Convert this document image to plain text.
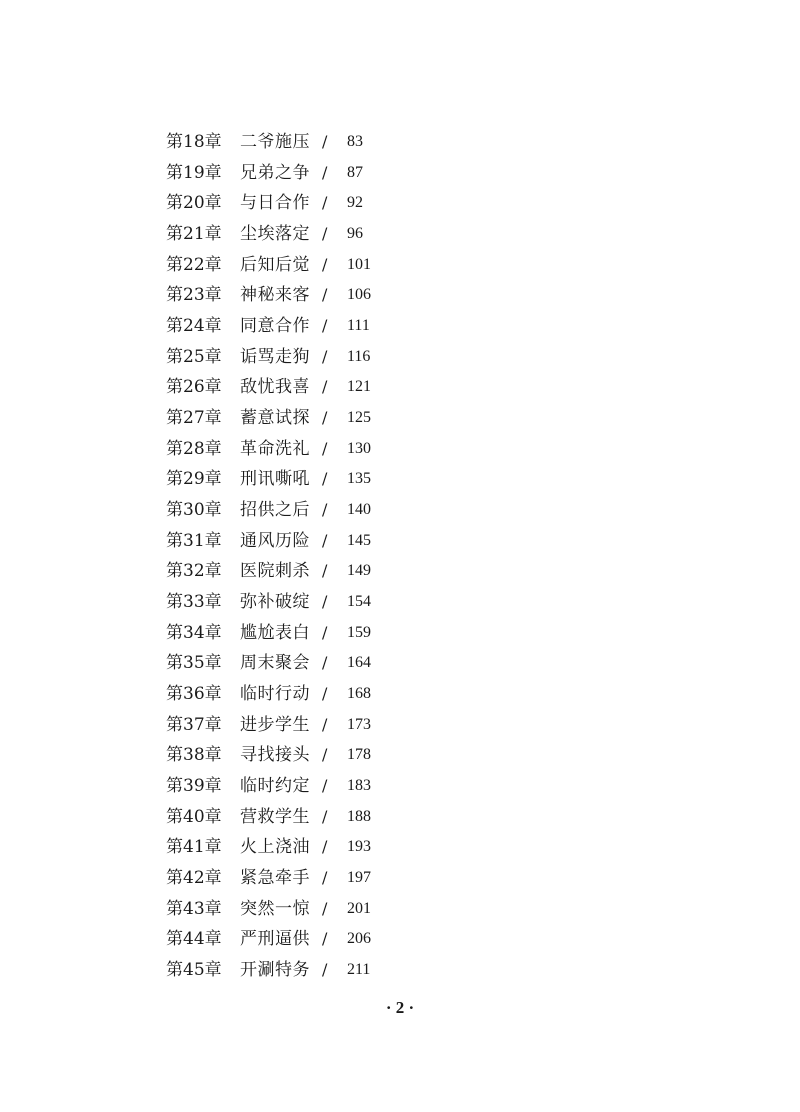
第18章 二爷施压 / 83
第19章 兄弟之争 / 87
第20章 与日合作 / 92
第21章 尘埃落定 / 96
第22章 后知后觉 / 101
第23章 神秘来客 / 106
第24章 同意合作 / 111
第25章 诟骂走狗 / 116
第26章 敌忧我喜 / 121
第27章 蓄意试探 / 125
第28章 革命洗礼 / 130
第29章 刑讯嘶吼 / 135
第30章 招供之后 / 140
第31章 通风历险 / 145
第32章 医院刺杀 / 149
第33章 弥补破绽 / 154
第34章 尴尬表白 / 159
第35章 周末聚会 / 164
第36章 临时行动 / 168
第37章 进步学生 / 173
第38章 寻找接头 / 178
第39章 临时约定 / 183
第40章 营救学生 / 188
第41章 火上浇油 / 193
第42章 紧急牵手 / 197
第43章 突然一惊 / 201
第44章 严刑逼供 / 206
第45章 开涮特务 / 211
· 2 ·
